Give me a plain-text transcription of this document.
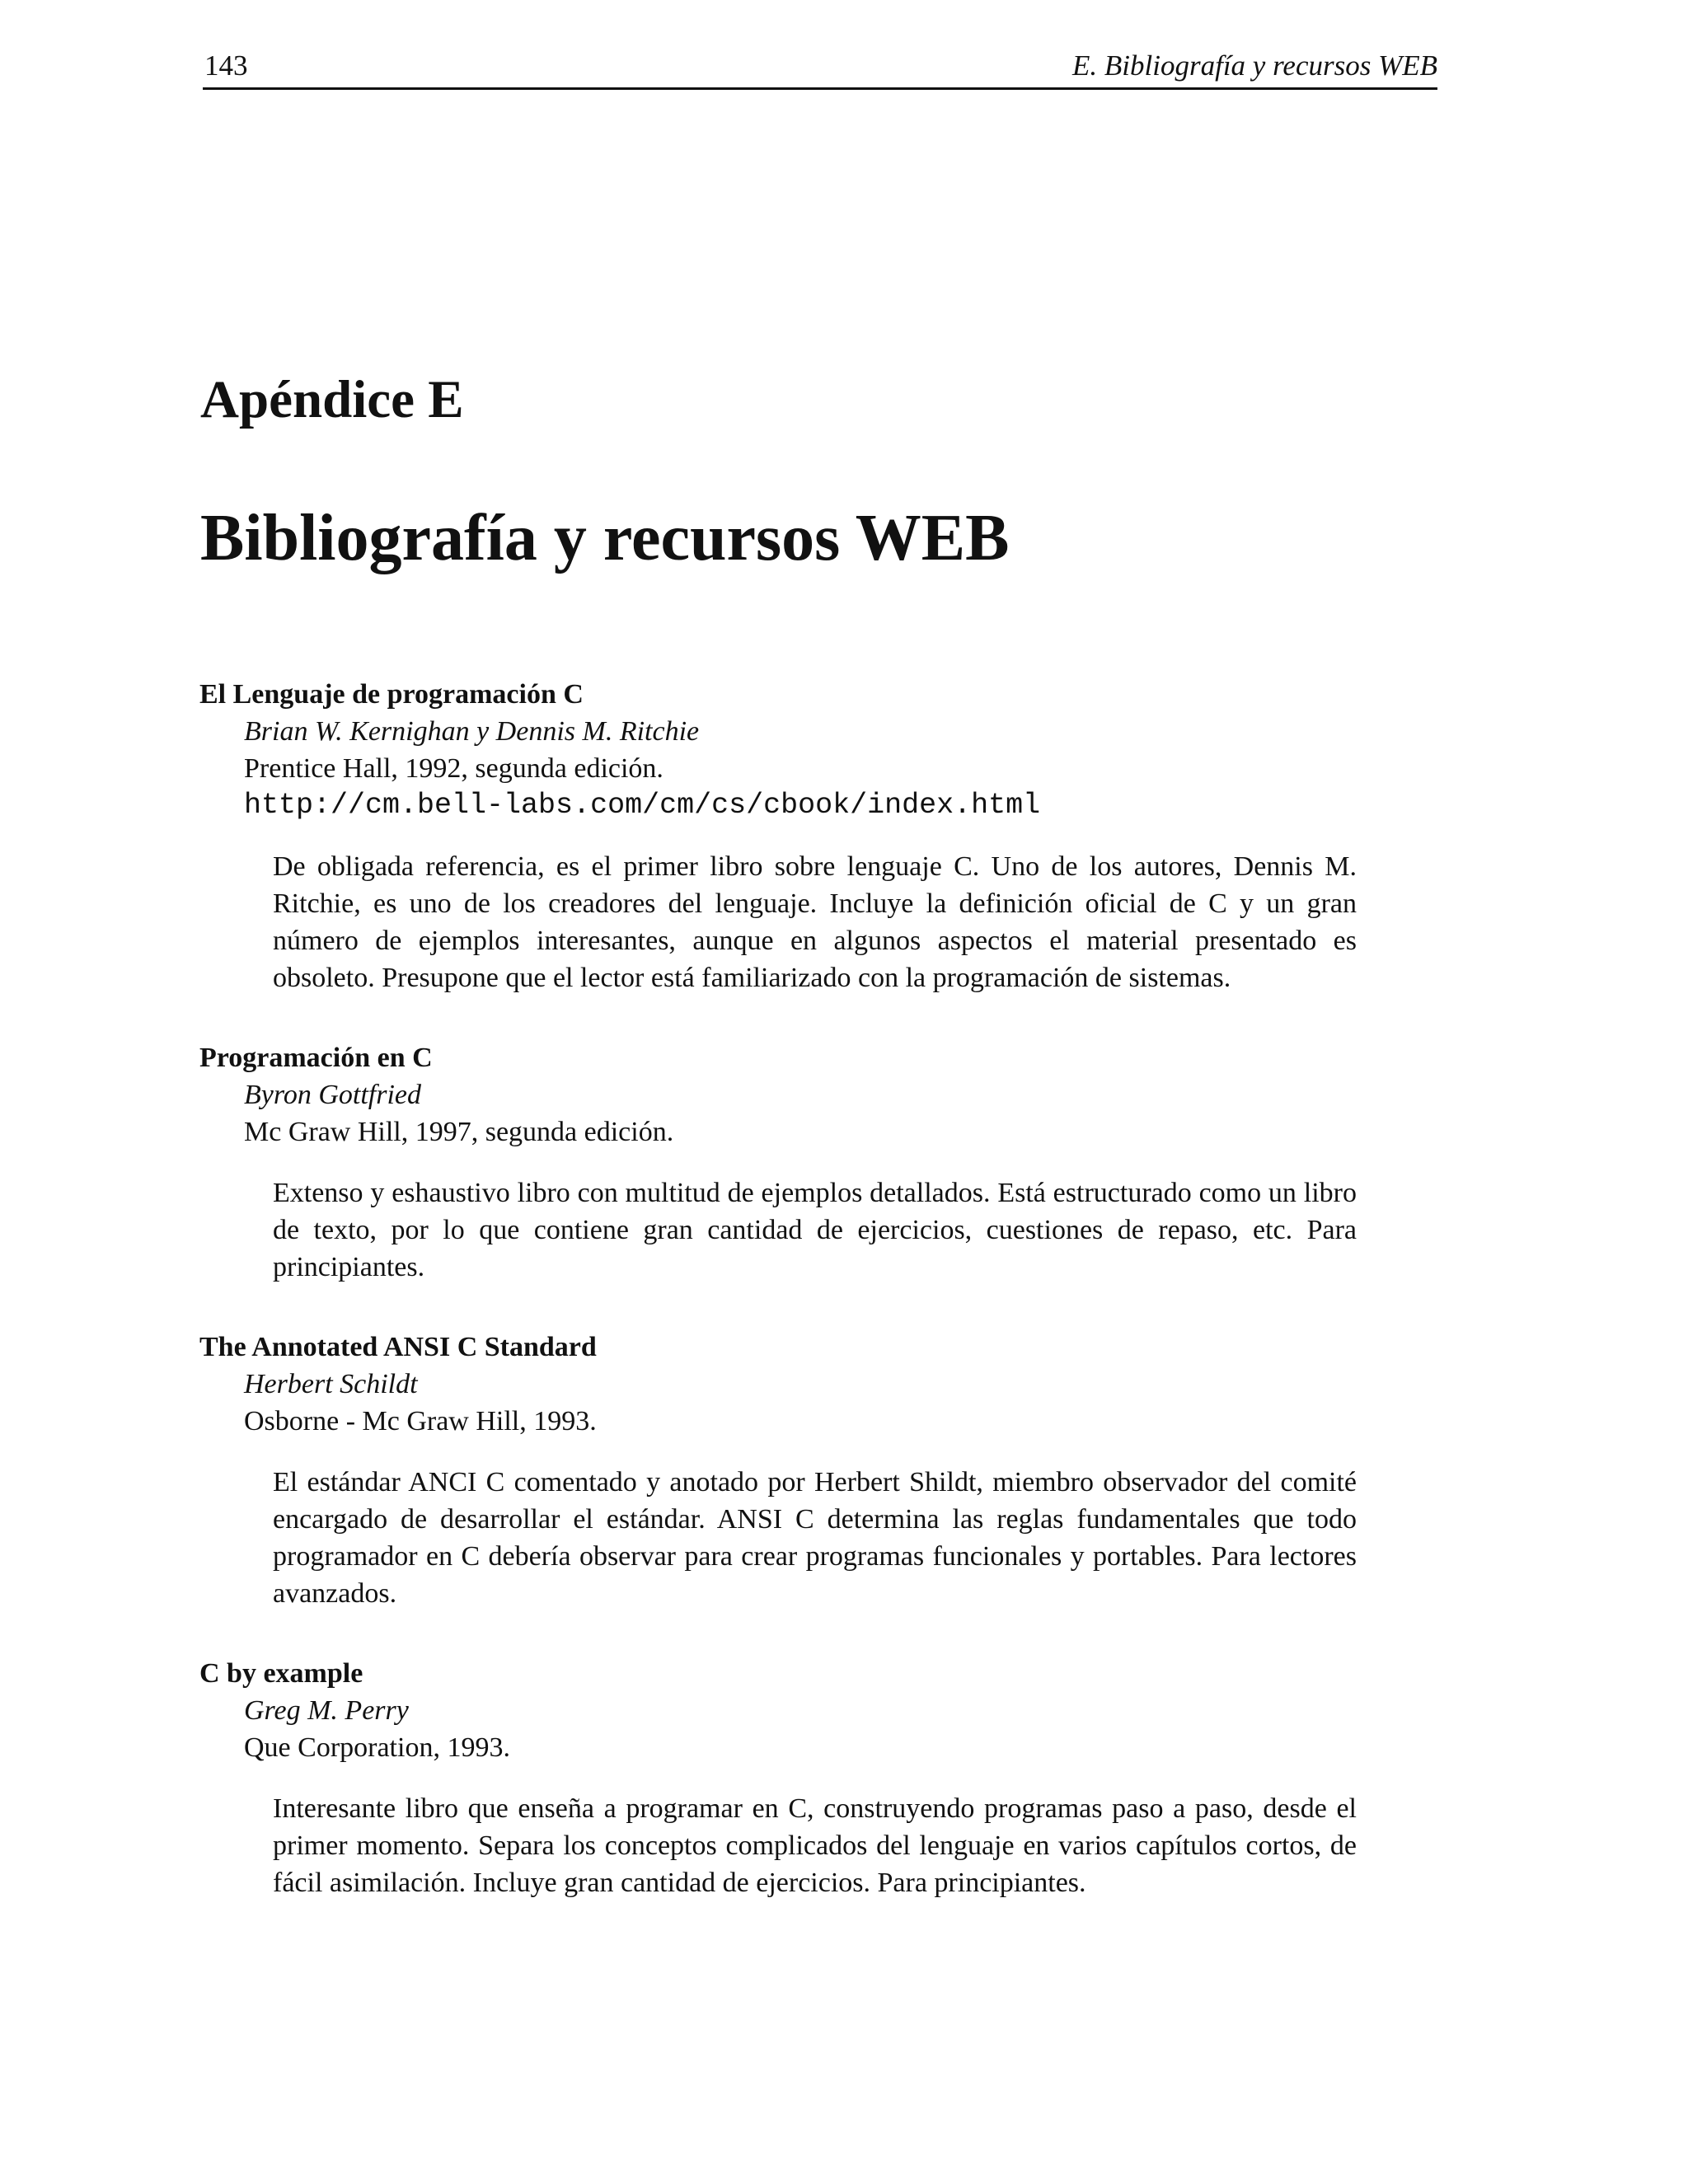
143	E. Bibliografía y recursos WEB
Apéndice E
Bibliografía y recursos WEB

El Lenguaje de programación C

Brian W. Kernighan y Dennis M. Ritchie

Prentice Hall, 1992, segunda edición.

http://cm.bell-labs.com/cm/cs/cbook/index.html

De obligada referencia, es el primer libro sobre lenguaje C. Uno de los autores, Dennis M. Ritchie, es uno de los creadores del lenguaje. Incluye la definición oficial de C y un gran número de ejemplos interesantes, aunque en algunos aspectos el material presentado es obsoleto. Presupone que el lector está familiarizado con la programación de sistemas.

Programación en C

Byron Gottfried

Mc Graw Hill, 1997, segunda edición.

Extenso y eshaustivo libro con multitud de ejemplos detallados. Está estructurado como un libro de texto, por lo que contiene gran cantidad de ejercicios, cuestiones de repaso, etc. Para principiantes.

The Annotated ANSI C Standard

Herbert Schildt

Osborne - Mc Graw Hill, 1993.

El estándar ANCI C comentado y anotado por Herbert Shildt, miembro observador del comité encargado de desarrollar el estándar. ANSI C determina las reglas fundamentales que todo programador en C debería observar para crear programas funcionales y portables. Para lectores avanzados.

C by example

Greg M. Perry

Que Corporation, 1993.

Interesante libro que enseña a programar en C, construyendo programas paso a paso, desde el primer momento. Separa los conceptos complicados del lenguaje en varios capítulos cortos, de fácil asimilación. Incluye gran cantidad de ejercicios. Para principiantes.
